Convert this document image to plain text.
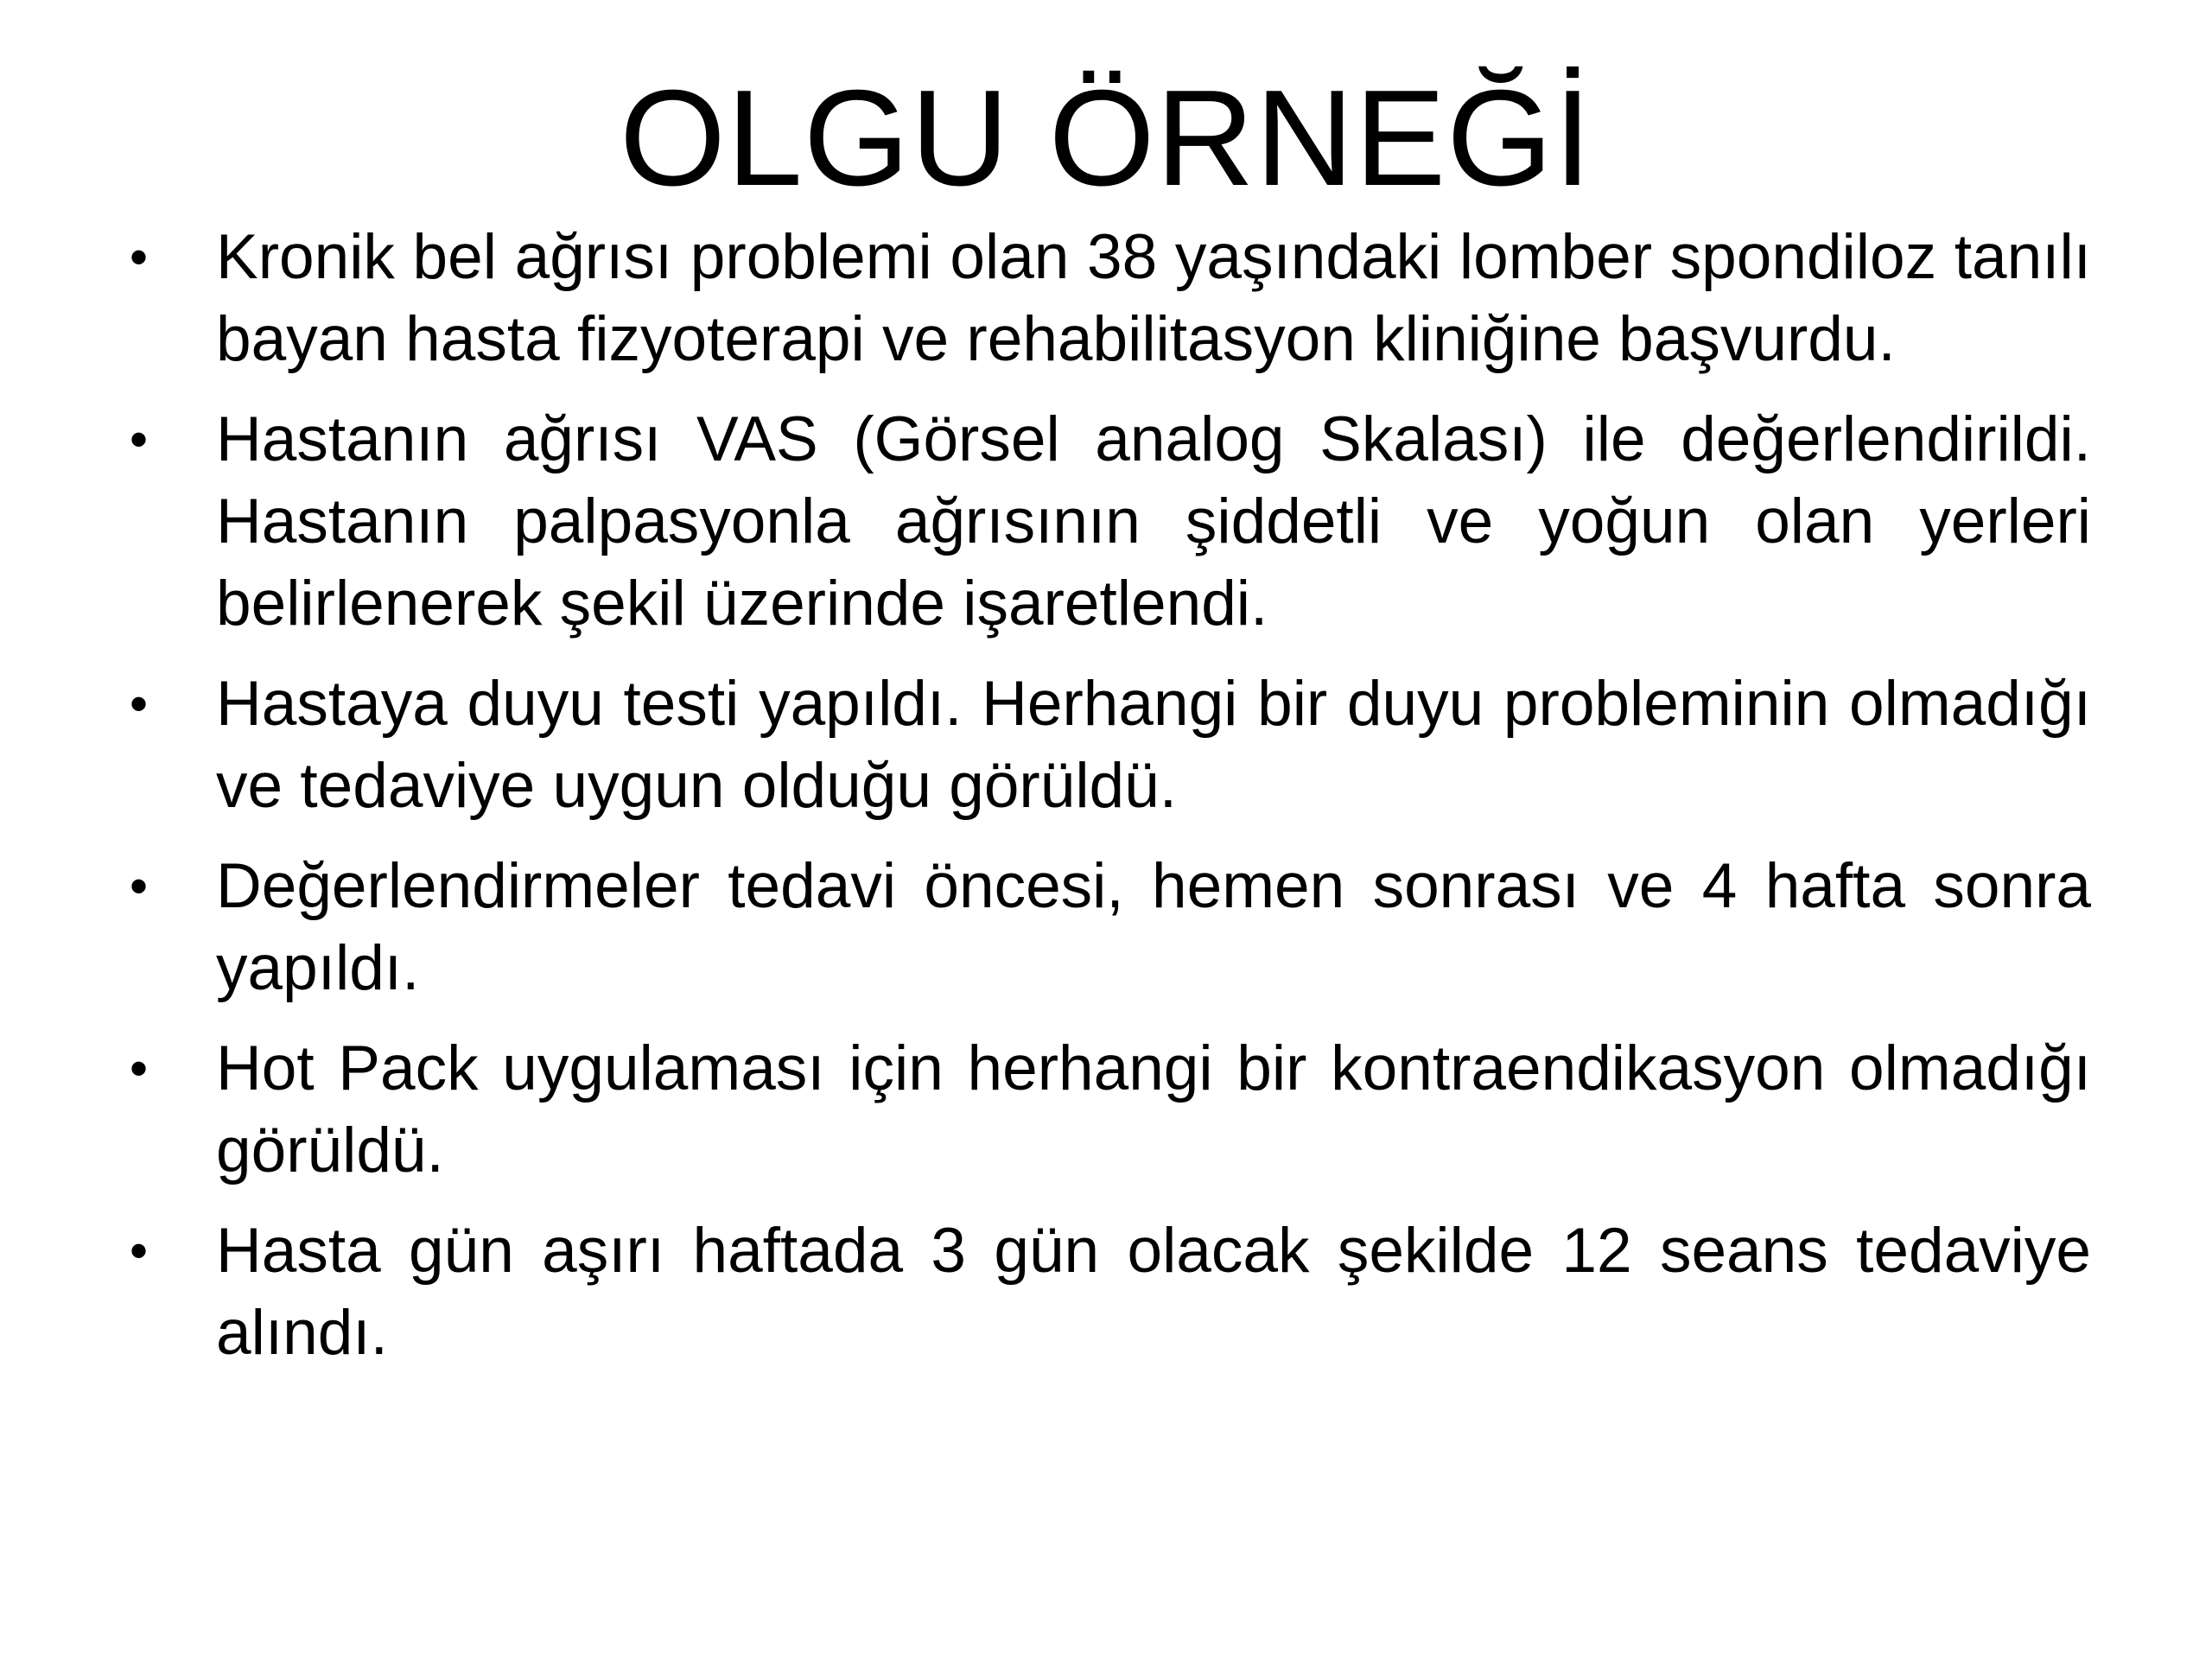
OLGU ÖRNEĞİ
• Kronik bel ağrısı problemi olan 38 yaşındaki lomber spondiloz tanılı bayan hasta fizyoterapi ve rehabilitasyon kliniğine başvurdu.
• Hastanın ağrısı VAS (Görsel analog Skalası) ile değerlendirildi. Hastanın palpasyonla ağrısının şiddetli ve yoğun olan yerleri belirlenerek şekil üzerinde işaretlendi.
• Hastaya duyu testi yapıldı. Herhangi bir duyu probleminin olmadığı ve tedaviye uygun olduğu görüldü.
• Değerlendirmeler tedavi öncesi, hemen sonrası ve 4 hafta sonra yapıldı.
• Hot Pack uygulaması için herhangi bir kontraendikasyon olmadığı görüldü.
• Hasta gün aşırı haftada 3 gün olacak şekilde 12 seans tedaviye alındı.
